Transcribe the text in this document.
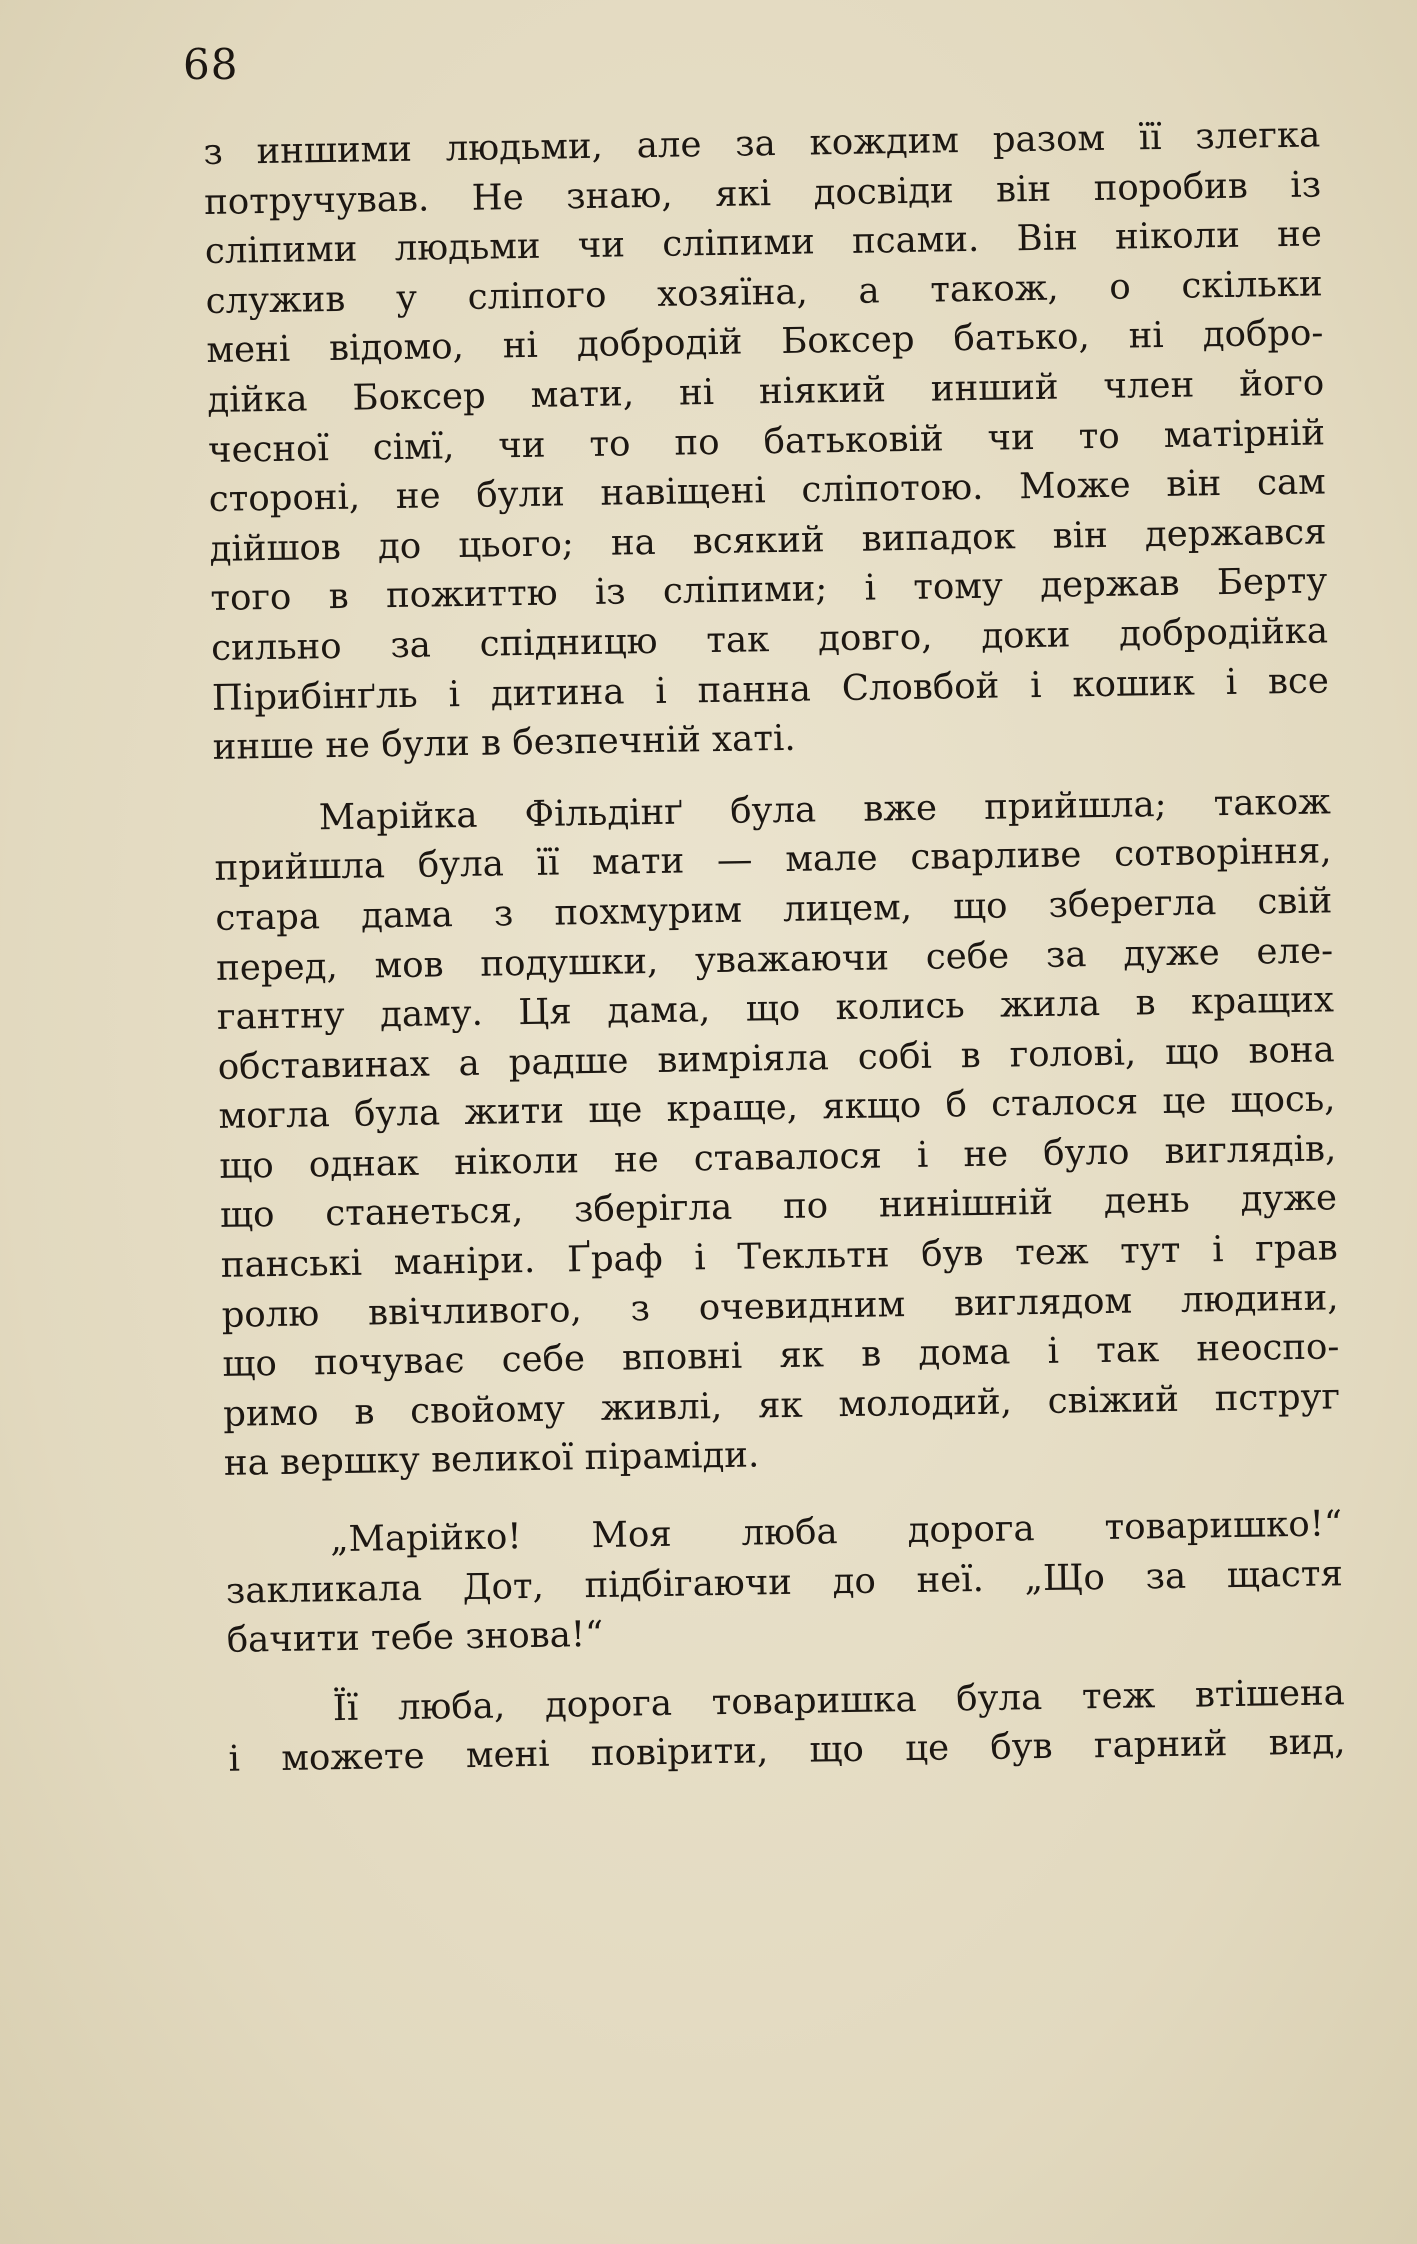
68

з иншими людьми, але за кождим разом її злегка
потручував. Не знаю, які досвіди він поробив із
сліпими людьми чи сліпими псами. Він ніколи не
служив у сліпого хозяїна, а також, о скільки
мені відомо, ні добродій Боксер батько, ні добро-
дійка Боксер мати, ні ніякий инший член його
чесної сімї, чи то по батьковій чи то матірній
стороні, не були навіщені сліпотою. Може він сам
дійшов до цього; на всякий випадок він державcя
того в пожиттю із сліпими; і тому держав Берту
сильно за спідницю так довго, доки добродійка
Пірибінґль і дитина і панна Словбой і кошик і все
инше не були в безпечній хаті.

Марійка Фільдінґ була вже прийшла; також
прийшла була її мати — мале сварливе сотворіння,
стара дама з похмурим лицем, що зберегла свій
перед, мов подушки, уважаючи себе за дуже еле-
гантну даму. Ця дама, що колись жила в кращих
обставинах а радше вимріяла собі в голові, що вона
могла була жити ще краще, якщо б сталося це щось,
що однак ніколи не ставалося і не було виглядів,
що станеться, зберігла по нинішній день дуже
панські маніри. Ґраф і Текльтн був теж тут і грав
ролю ввічливого, з очевидним виглядом людини,
що почуває себе вповні як в дома і так неоспо-
римо в свойому живлі, як молодий, свіжий пструг
на вершку великої піраміди.

„Марійко! Моя люба дорога товаришко!“
закликала Дот, підбігаючи до неї. „Що за щастя
бачити тебе знова!“

Її люба, дорога товаришка була теж втішена
і можете мені повірити, що це був гарний вид,
